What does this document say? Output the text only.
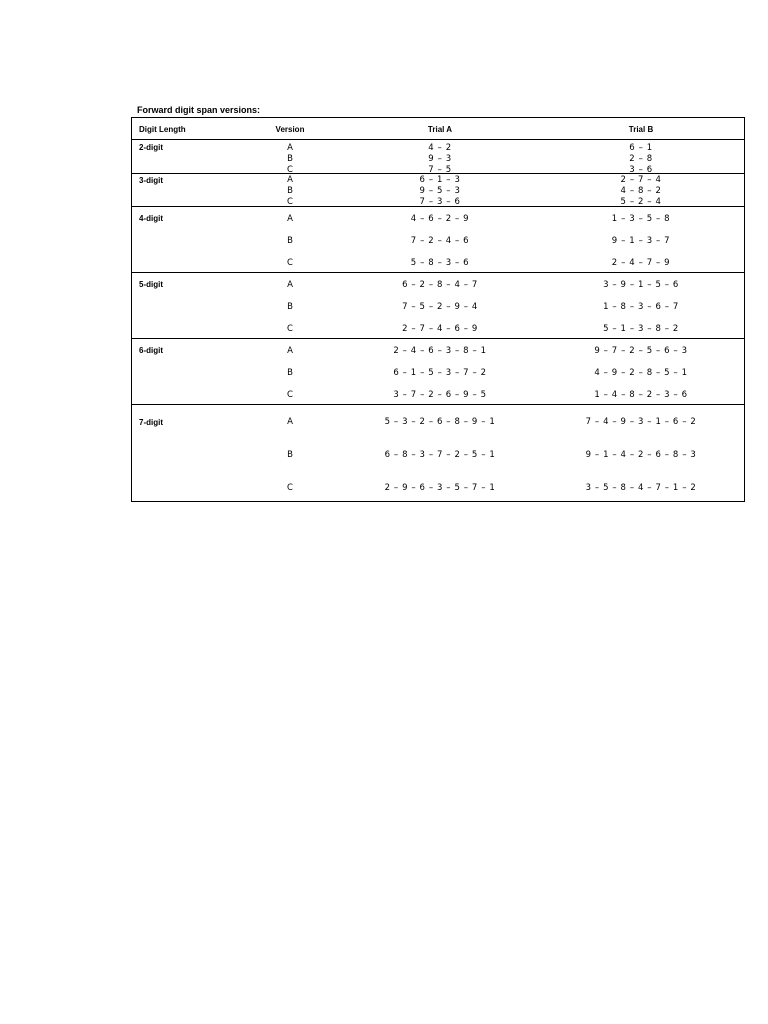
Forward digit span versions:
Digit Length	Version	Trial A	Trial B
2-digit	A	4 – 2	6 – 1
B	9 – 3	2 – 8
C	7 – 5	3 – 6
3-digit	A	6 – 1 – 3	2 – 7 – 4
B	9 – 5 – 3	4 – 8 – 2
C	7 – 3 – 6	5 – 2 – 4
4-digit	A	4 – 6 – 2 – 9	1 – 3 – 5 – 8
B	7 – 2 – 4 – 6	9 – 1 – 3 – 7
C	5 – 8 – 3 – 6	2 – 4 – 7 – 9
5-digit	A	6 – 2 – 8 – 4 – 7	3 – 9 – 1 – 5 – 6
B	7 – 5 – 2 – 9 – 4	1 – 8 – 3 – 6 – 7
C	2 – 7 – 4 – 6 – 9	5 – 1 – 3 – 8 – 2
6-digit	A	2 – 4 – 6 – 3 – 8 – 1	9 – 7 – 2 – 5 – 6 – 3
B	6 – 1 – 5 – 3 – 7 – 2	4 – 9 – 2 – 8 – 5 – 1
C	3 – 7 – 2 – 6 – 9 – 5	1 – 4 – 8 – 2 – 3 – 6
7-digit	A	5 – 3 – 2 – 6 – 8 – 9 – 1	7 – 4 – 9 – 3 – 1 – 6 – 2
B	6 – 8 – 3 – 7 – 2 – 5 – 1	9 – 1 – 4 – 2 – 6 – 8 – 3
C	2 – 9 – 6 – 3 – 5 – 7 – 1	3 – 5 – 8 – 4 – 7 – 1 – 2
